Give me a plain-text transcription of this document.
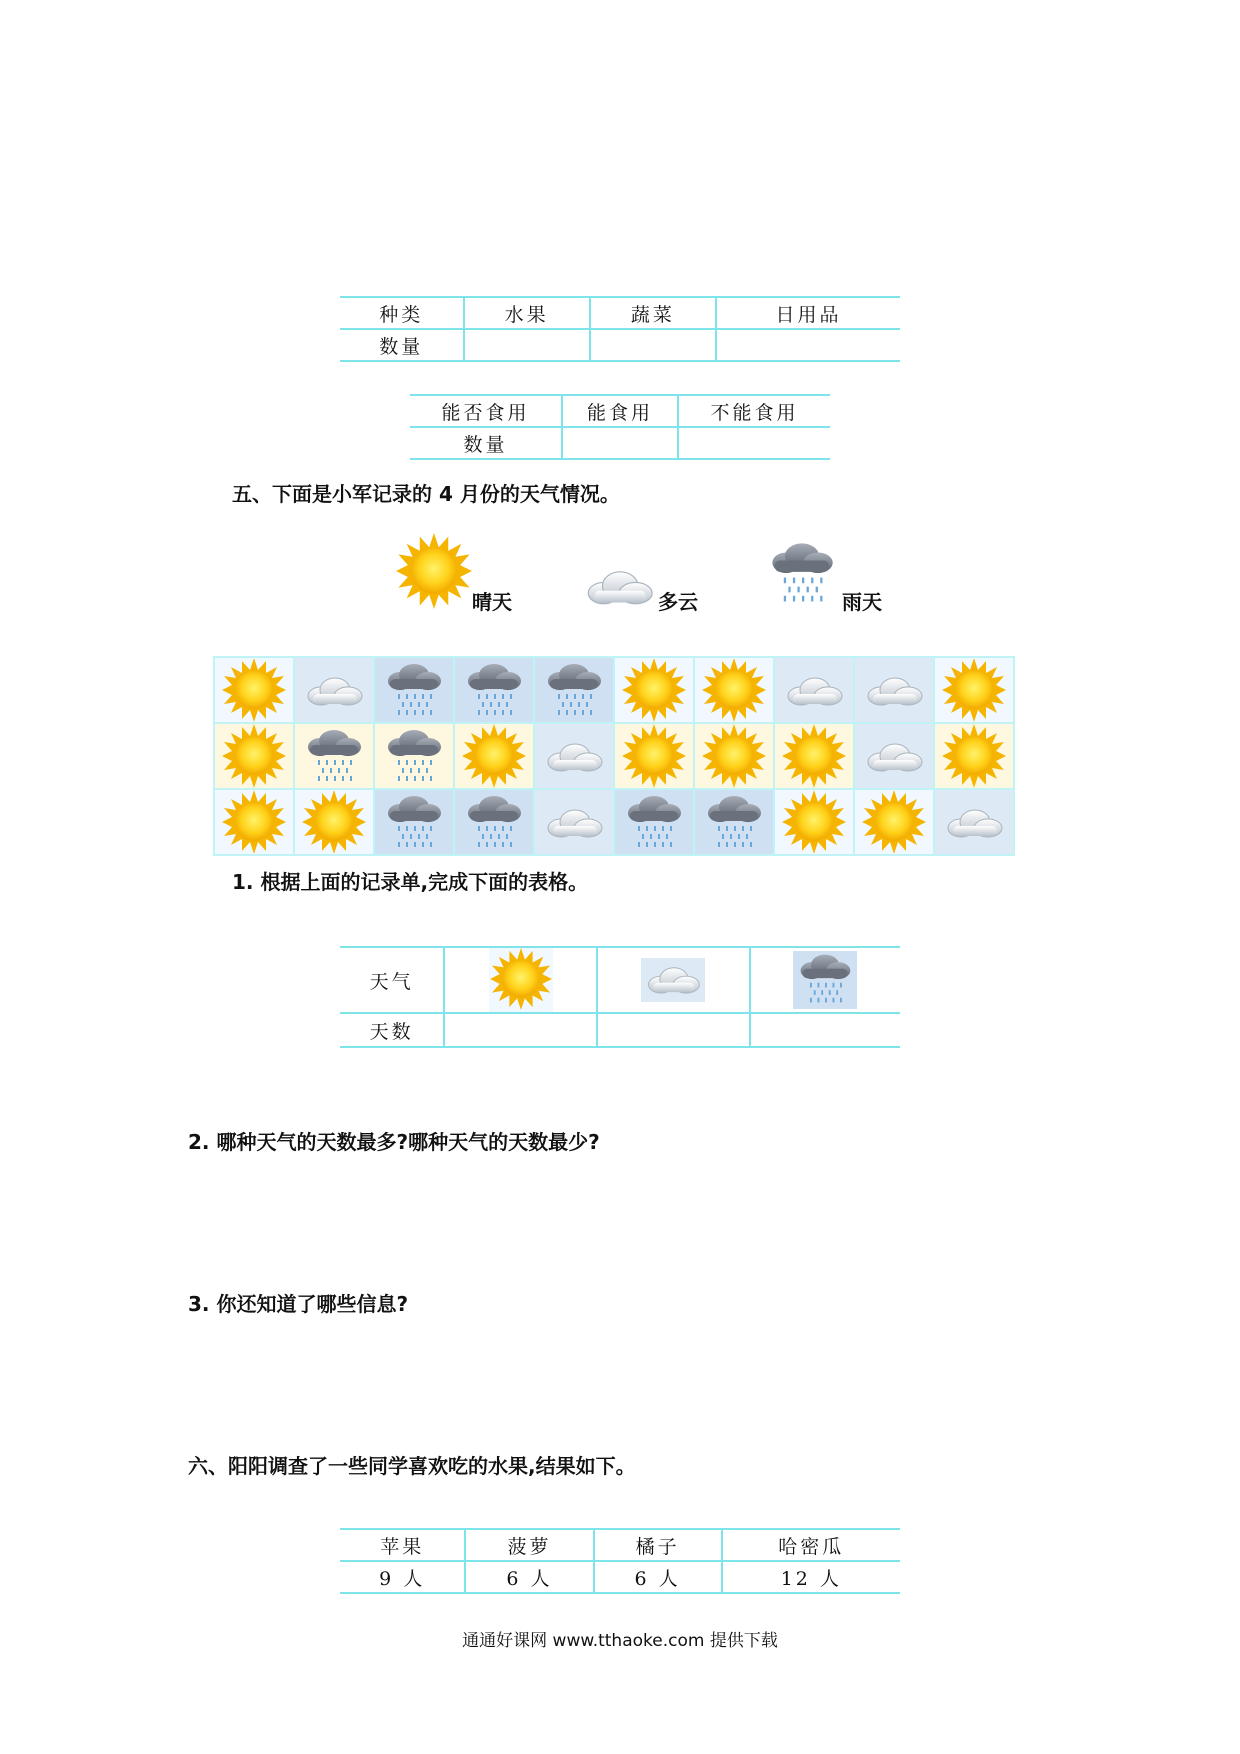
种类	水果	蔬菜	日用品
数量			
能否食用	能食用	不能食用
数量		
五、下面是小军记录的 4 月份的天气情况。
晴天	多云	雨天

1. 根据上面的记录单,完成下面的表格。
天气	

天数			
2. 哪种天气的天数最多?哪种天气的天数最少?
3. 你还知道了哪些信息?
六、阳阳调查了一些同学喜欢吃的水果,结果如下。
苹果	菠萝	橘子	哈密瓜
9 人	6 人	6 人	12 人
通通好课网 www.tthaoke.com 提供下载
